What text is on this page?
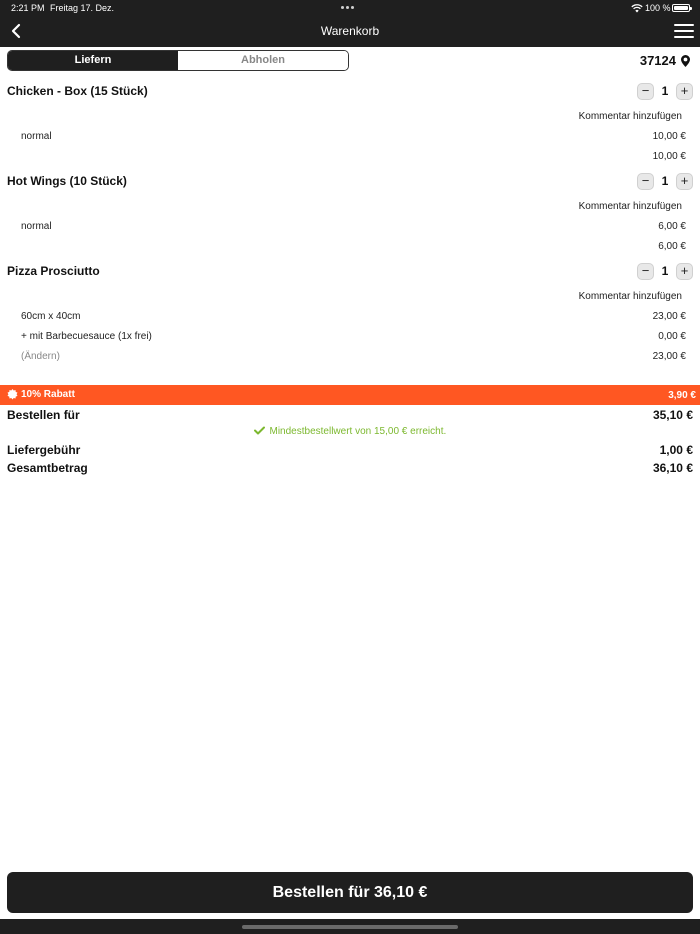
2:21 PM Freitag 17. Dez.	100 %
Warenkorb
Liefern	Abholen	37124
Chicken - Box (15 Stück)	−	1 +
Kommentar hinzufügen
normal	10,00 €
10,00 €
Hot Wings (10 Stück)	−	1 +
Kommentar hinzufügen
normal	6,00 €
6,00 €
Pizza Prosciutto	−	1 +
Kommentar hinzufügen
60cm x 40cm	23,00 €
+ mit Barbecuesauce (1x frei)	0,00 €
(Ändern)	23,00 €
10% Rabatt	3,90 €
Bestellen für	35,10 €
Mindestbestellwert von 15,00 € erreicht.
Liefergebühr	1,00 €
Gesamtbetrag	36,10 €
Bestellen für 36,10 €
